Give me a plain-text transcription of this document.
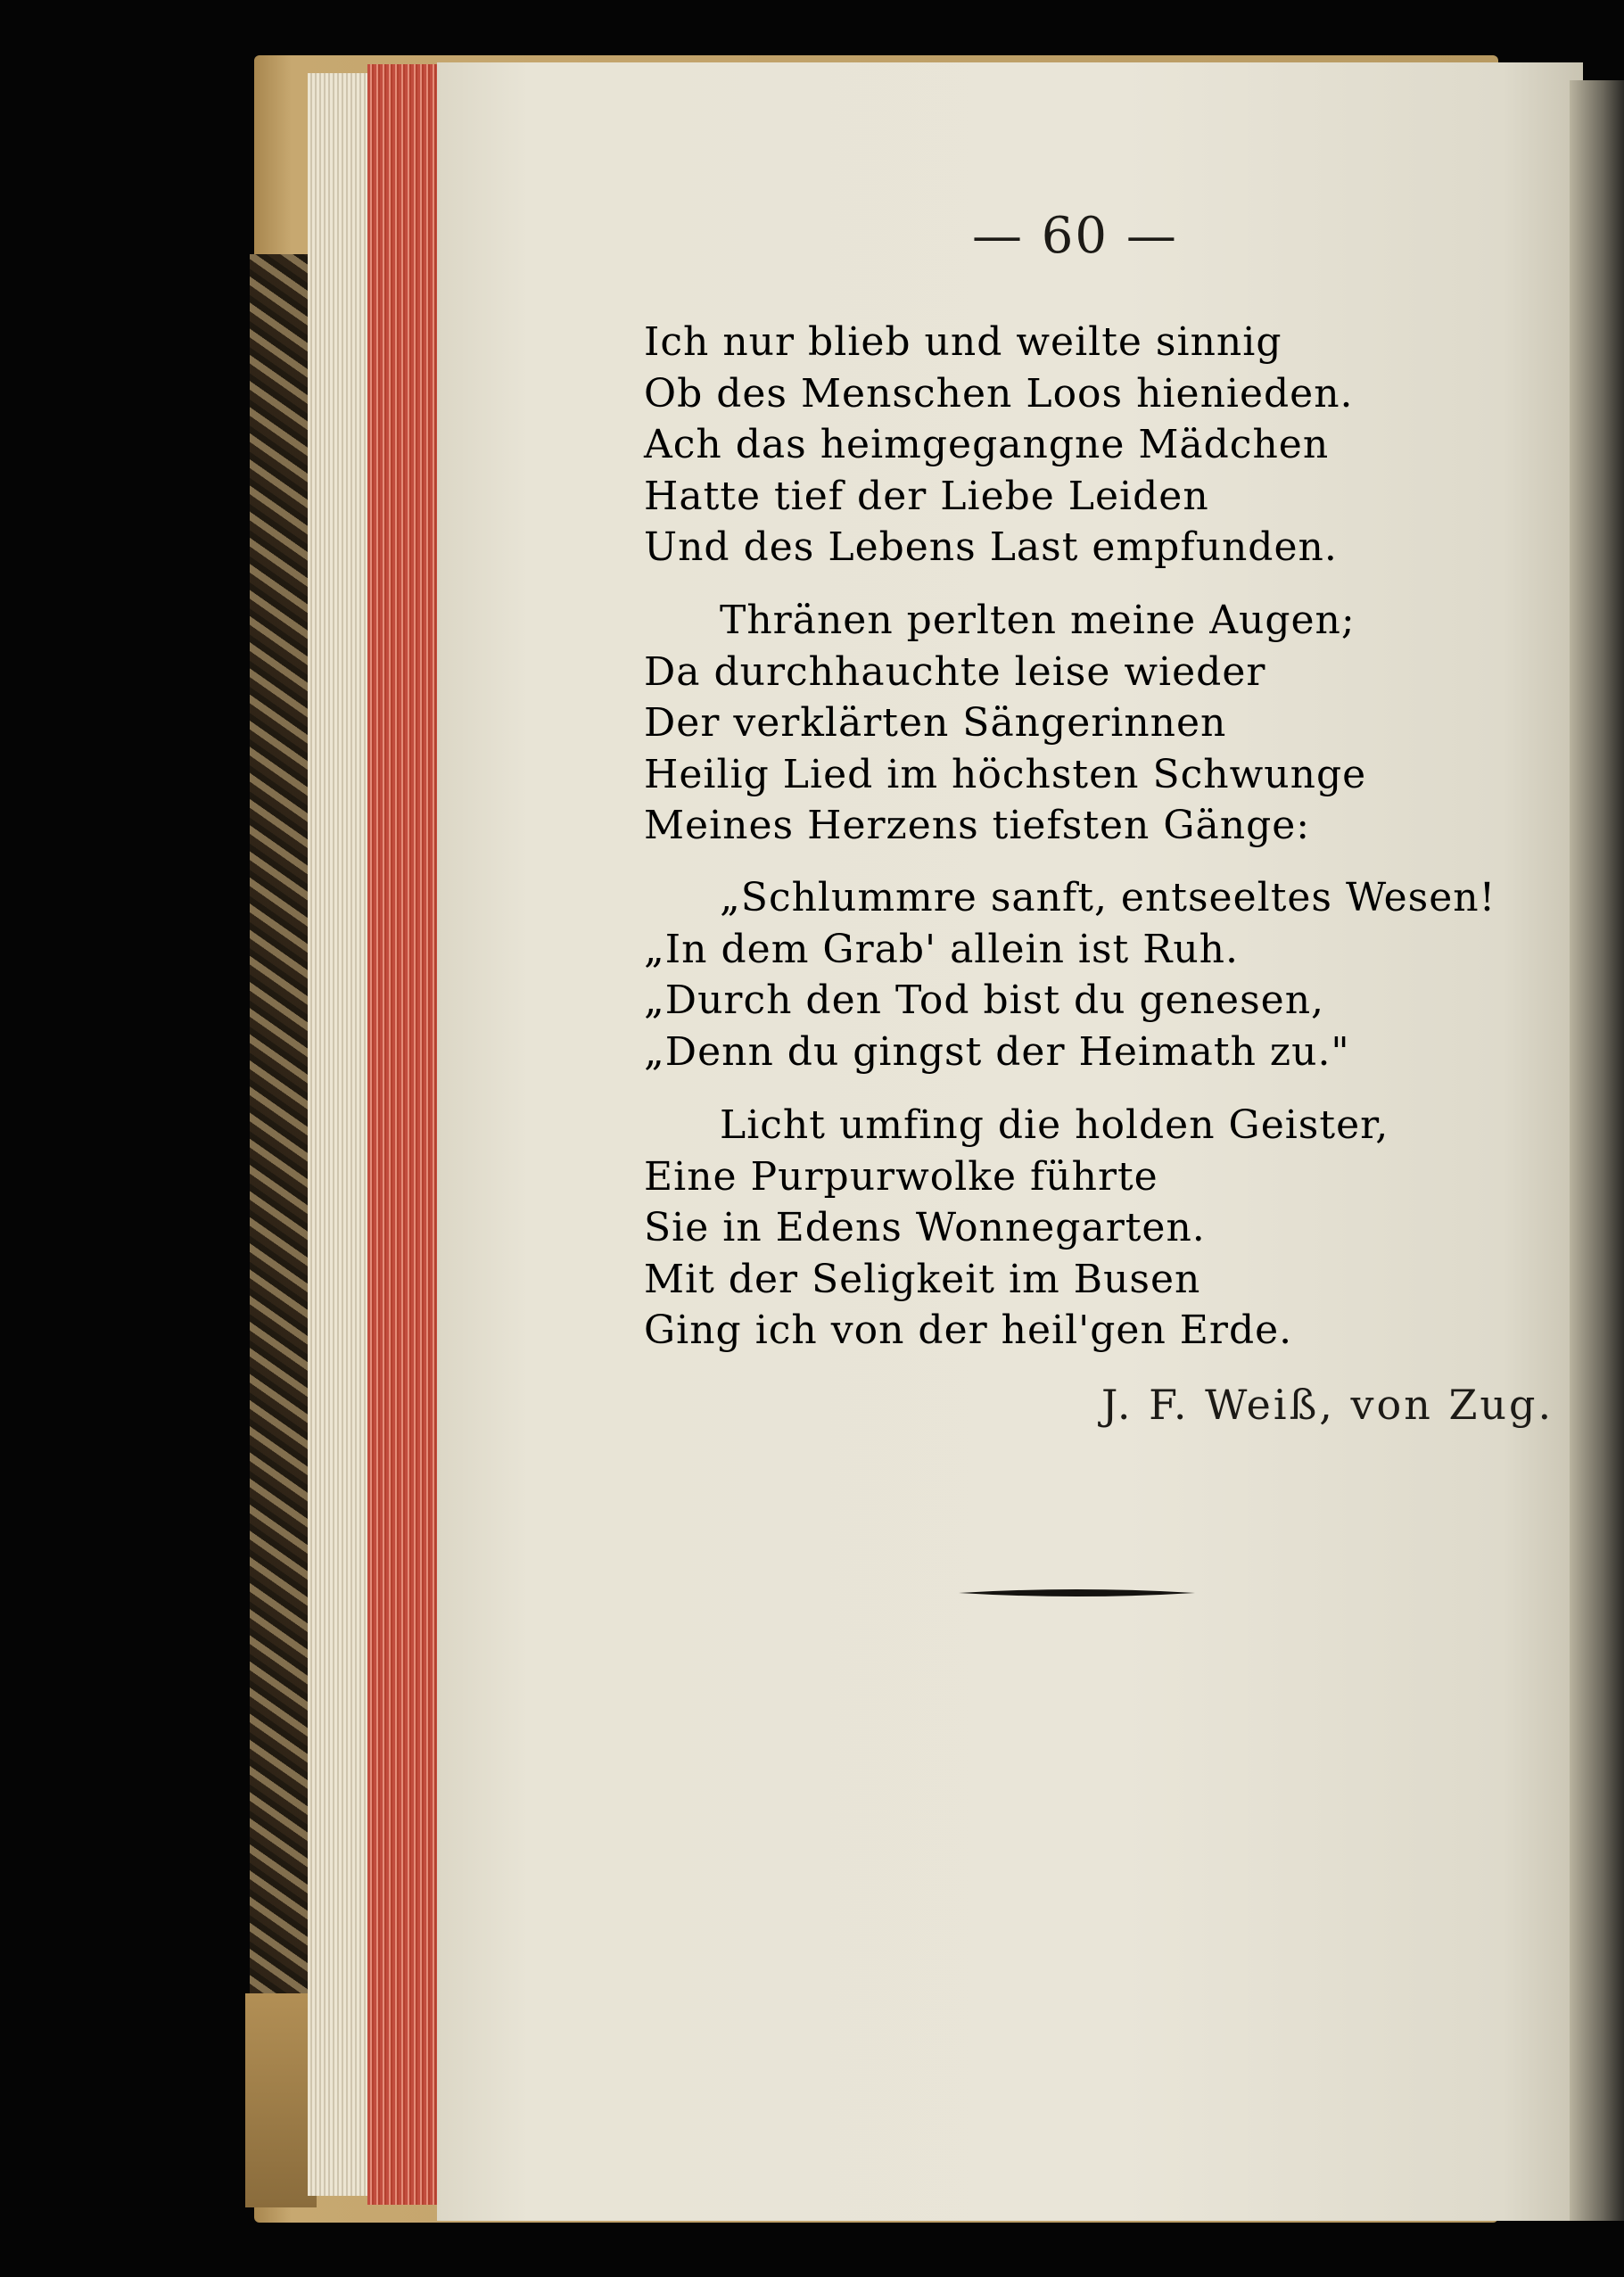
— 60 —
Ich nur blieb und weilte sinnig
Ob des Menschen Loos hienieden.
Ach das heimgegangne Mädchen
Hatte tief der Liebe Leiden
Und des Lebens Last empfunden.
Thränen perlten meine Augen;
Da durchhauchte leise wieder
Der verklärten Sängerinnen
Heilig Lied im höchsten Schwunge
Meines Herzens tiefsten Gänge:
„Schlummre sanft, entseeltes Wesen!
„In dem Grab' allein ist Ruh.
„Durch den Tod bist du genesen,
„Denn du gingst der Heimath zu."
Licht umfing die holden Geister,
Eine Purpurwolke führte
Sie in Edens Wonnegarten.
Mit der Seligkeit im Busen
Ging ich von der heil'gen Erde.
J. F. Weiß, von Zug.
